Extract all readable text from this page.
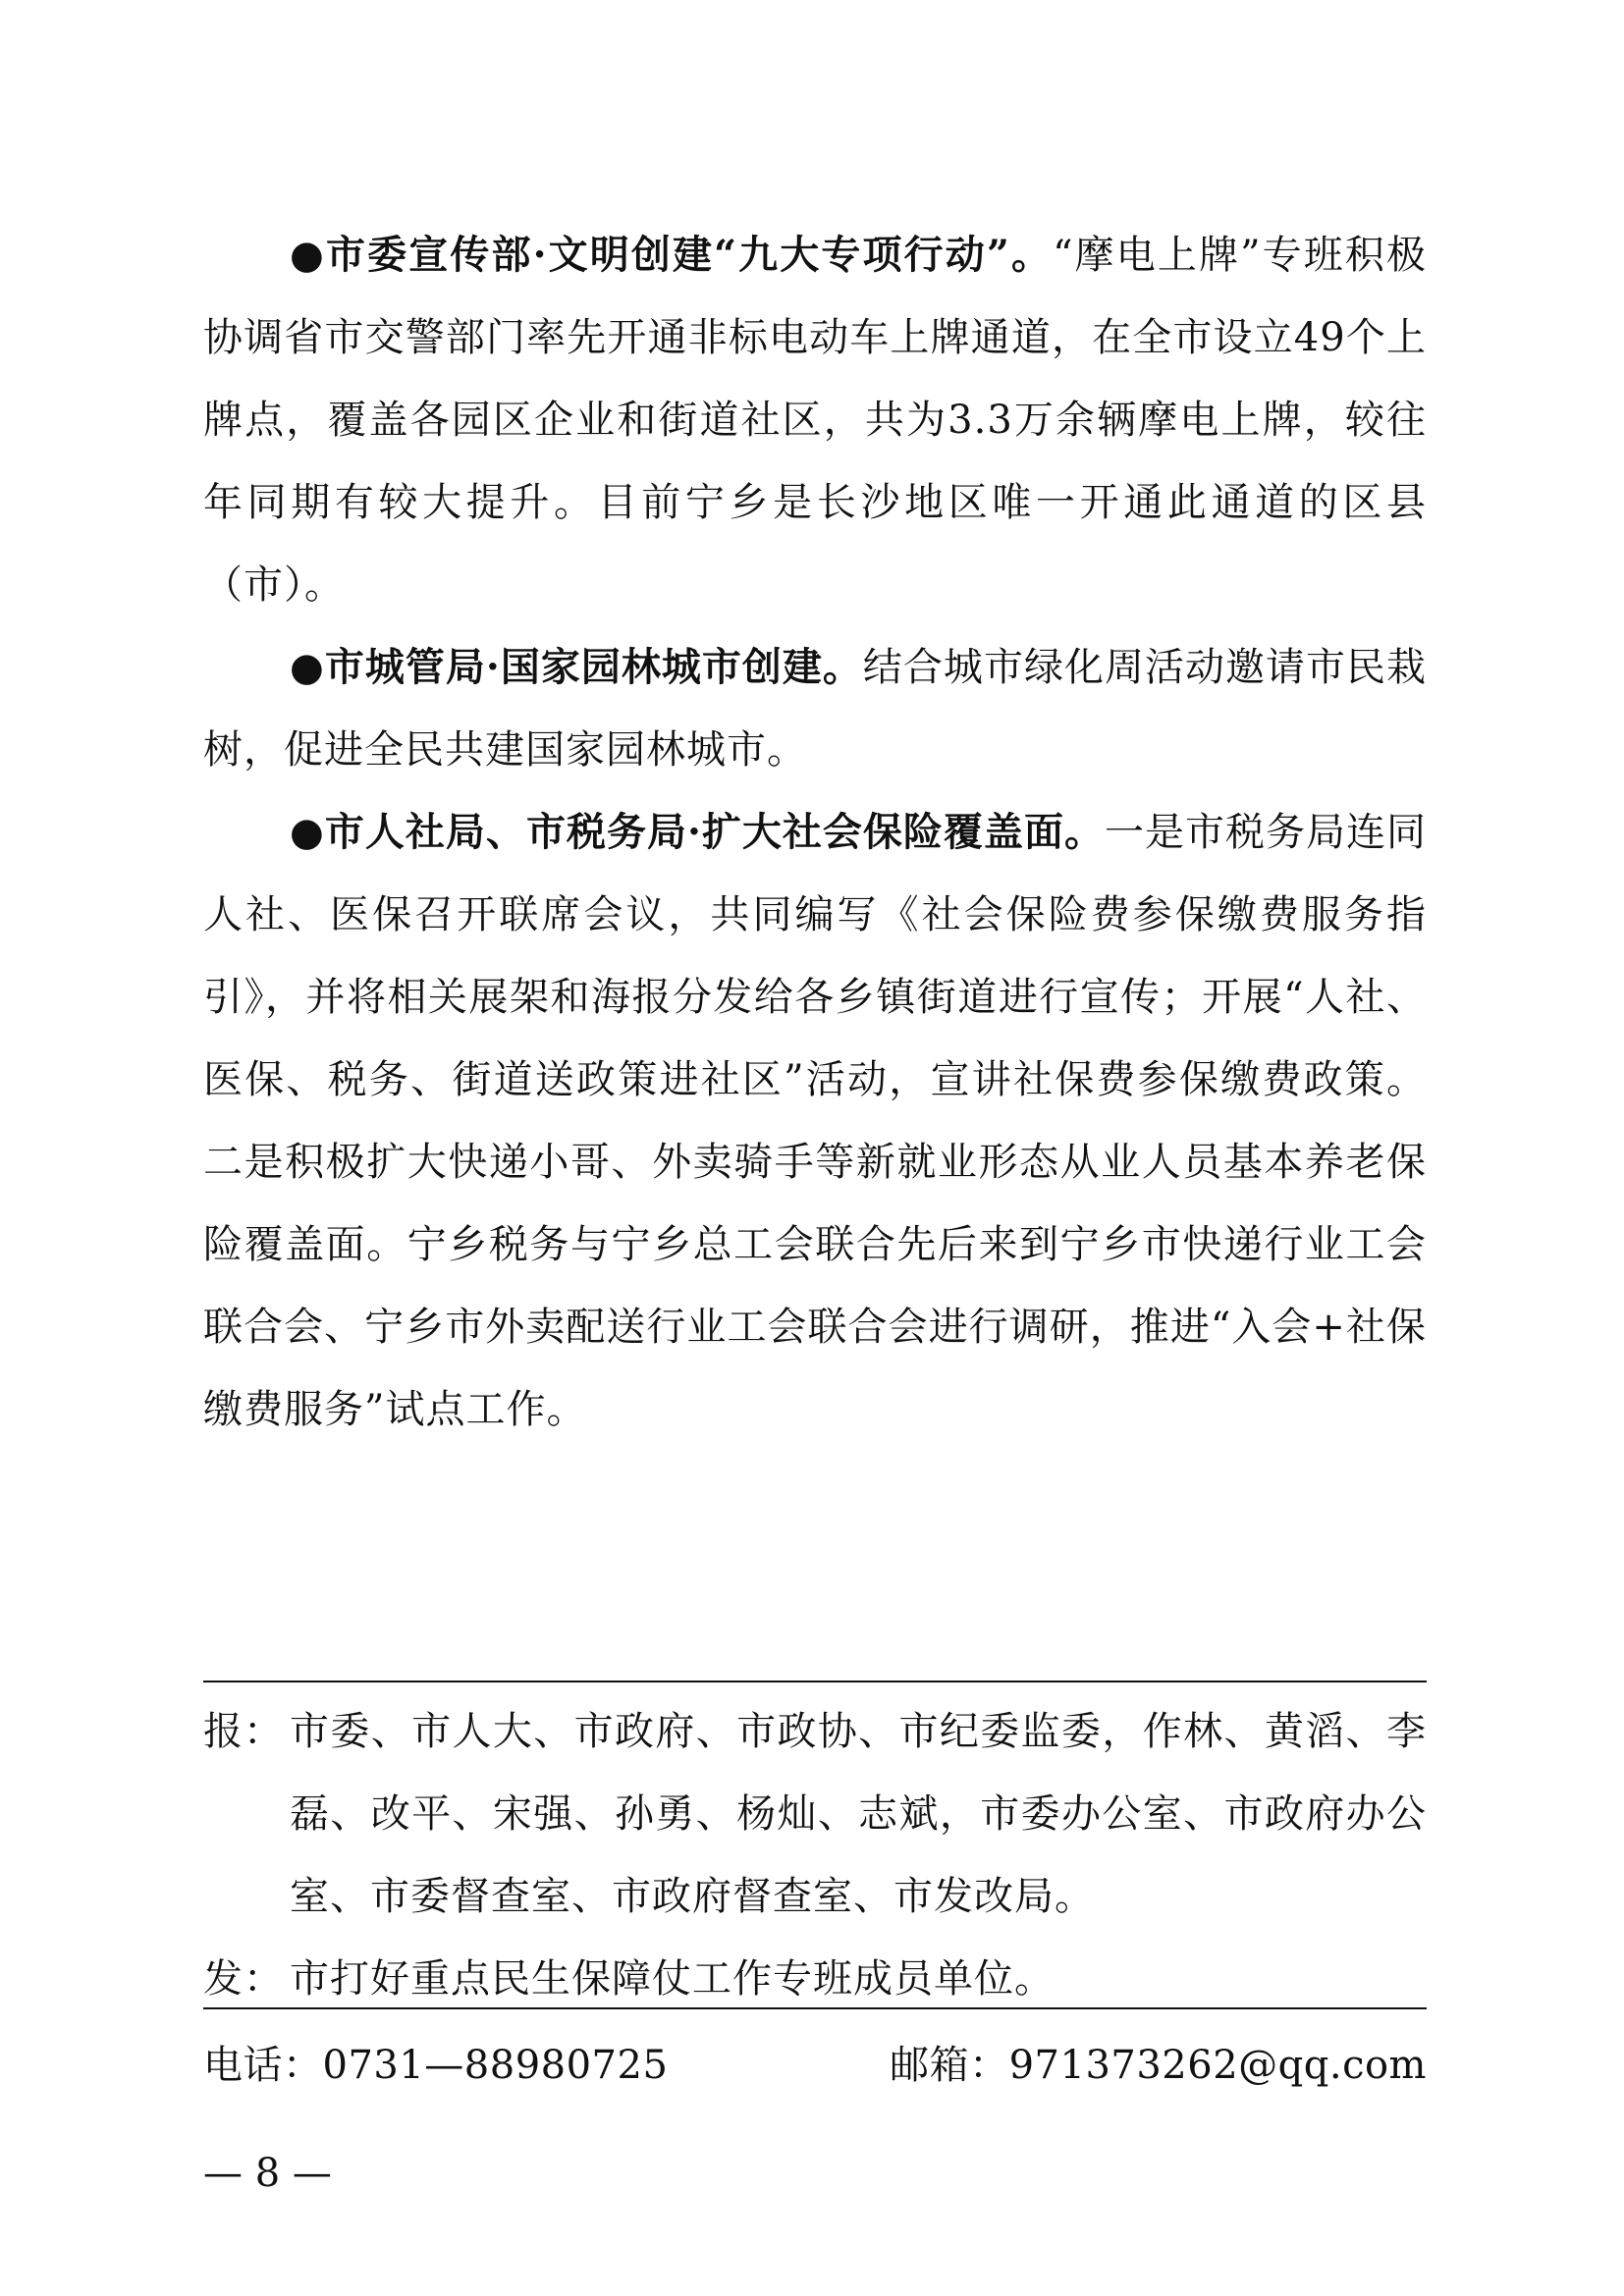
●市委宣传部·文明创建“九大专项行动”。“摩电上牌”专班积极协调省市交警部门率先开通非标电动车上牌通道，在全市设立49个上牌点，覆盖各园区企业和街道社区，共为3.3万余辆摩电上牌，较往年同期有较大提升。目前宁乡是长沙地区唯一开通此通道的区县（市）。

●市城管局·国家园林城市创建。结合城市绿化周活动邀请市民栽树，促进全民共建国家园林城市。

●市人社局、市税务局·扩大社会保险覆盖面。一是市税务局连同人社、医保召开联席会议，共同编写《社会保险费参保缴费服务指引》，并将相关展架和海报分发给各乡镇街道进行宣传；开展“人社、医保、税务、街道送政策进社区”活动，宣讲社保费参保缴费政策。二是积极扩大快递小哥、外卖骑手等新就业形态从业人员基本养老保险覆盖面。宁乡税务与宁乡总工会联合先后来到宁乡市快递行业工会联合会、宁乡市外卖配送行业工会联合会进行调研，推进“入会+社保缴费服务”试点工作。

报： 市委、市人大、市政府、市政协、市纪委监委，作林、黄滔、李磊、改平、宋强、孙勇、杨灿、志斌，市委办公室、市政府办公室、市委督查室、市政府督查室、市发改局。
发： 市打好重点民生保障仗工作专班成员单位。
电话：0731—88980725	邮箱：971373262@qq.com
— 8 —
